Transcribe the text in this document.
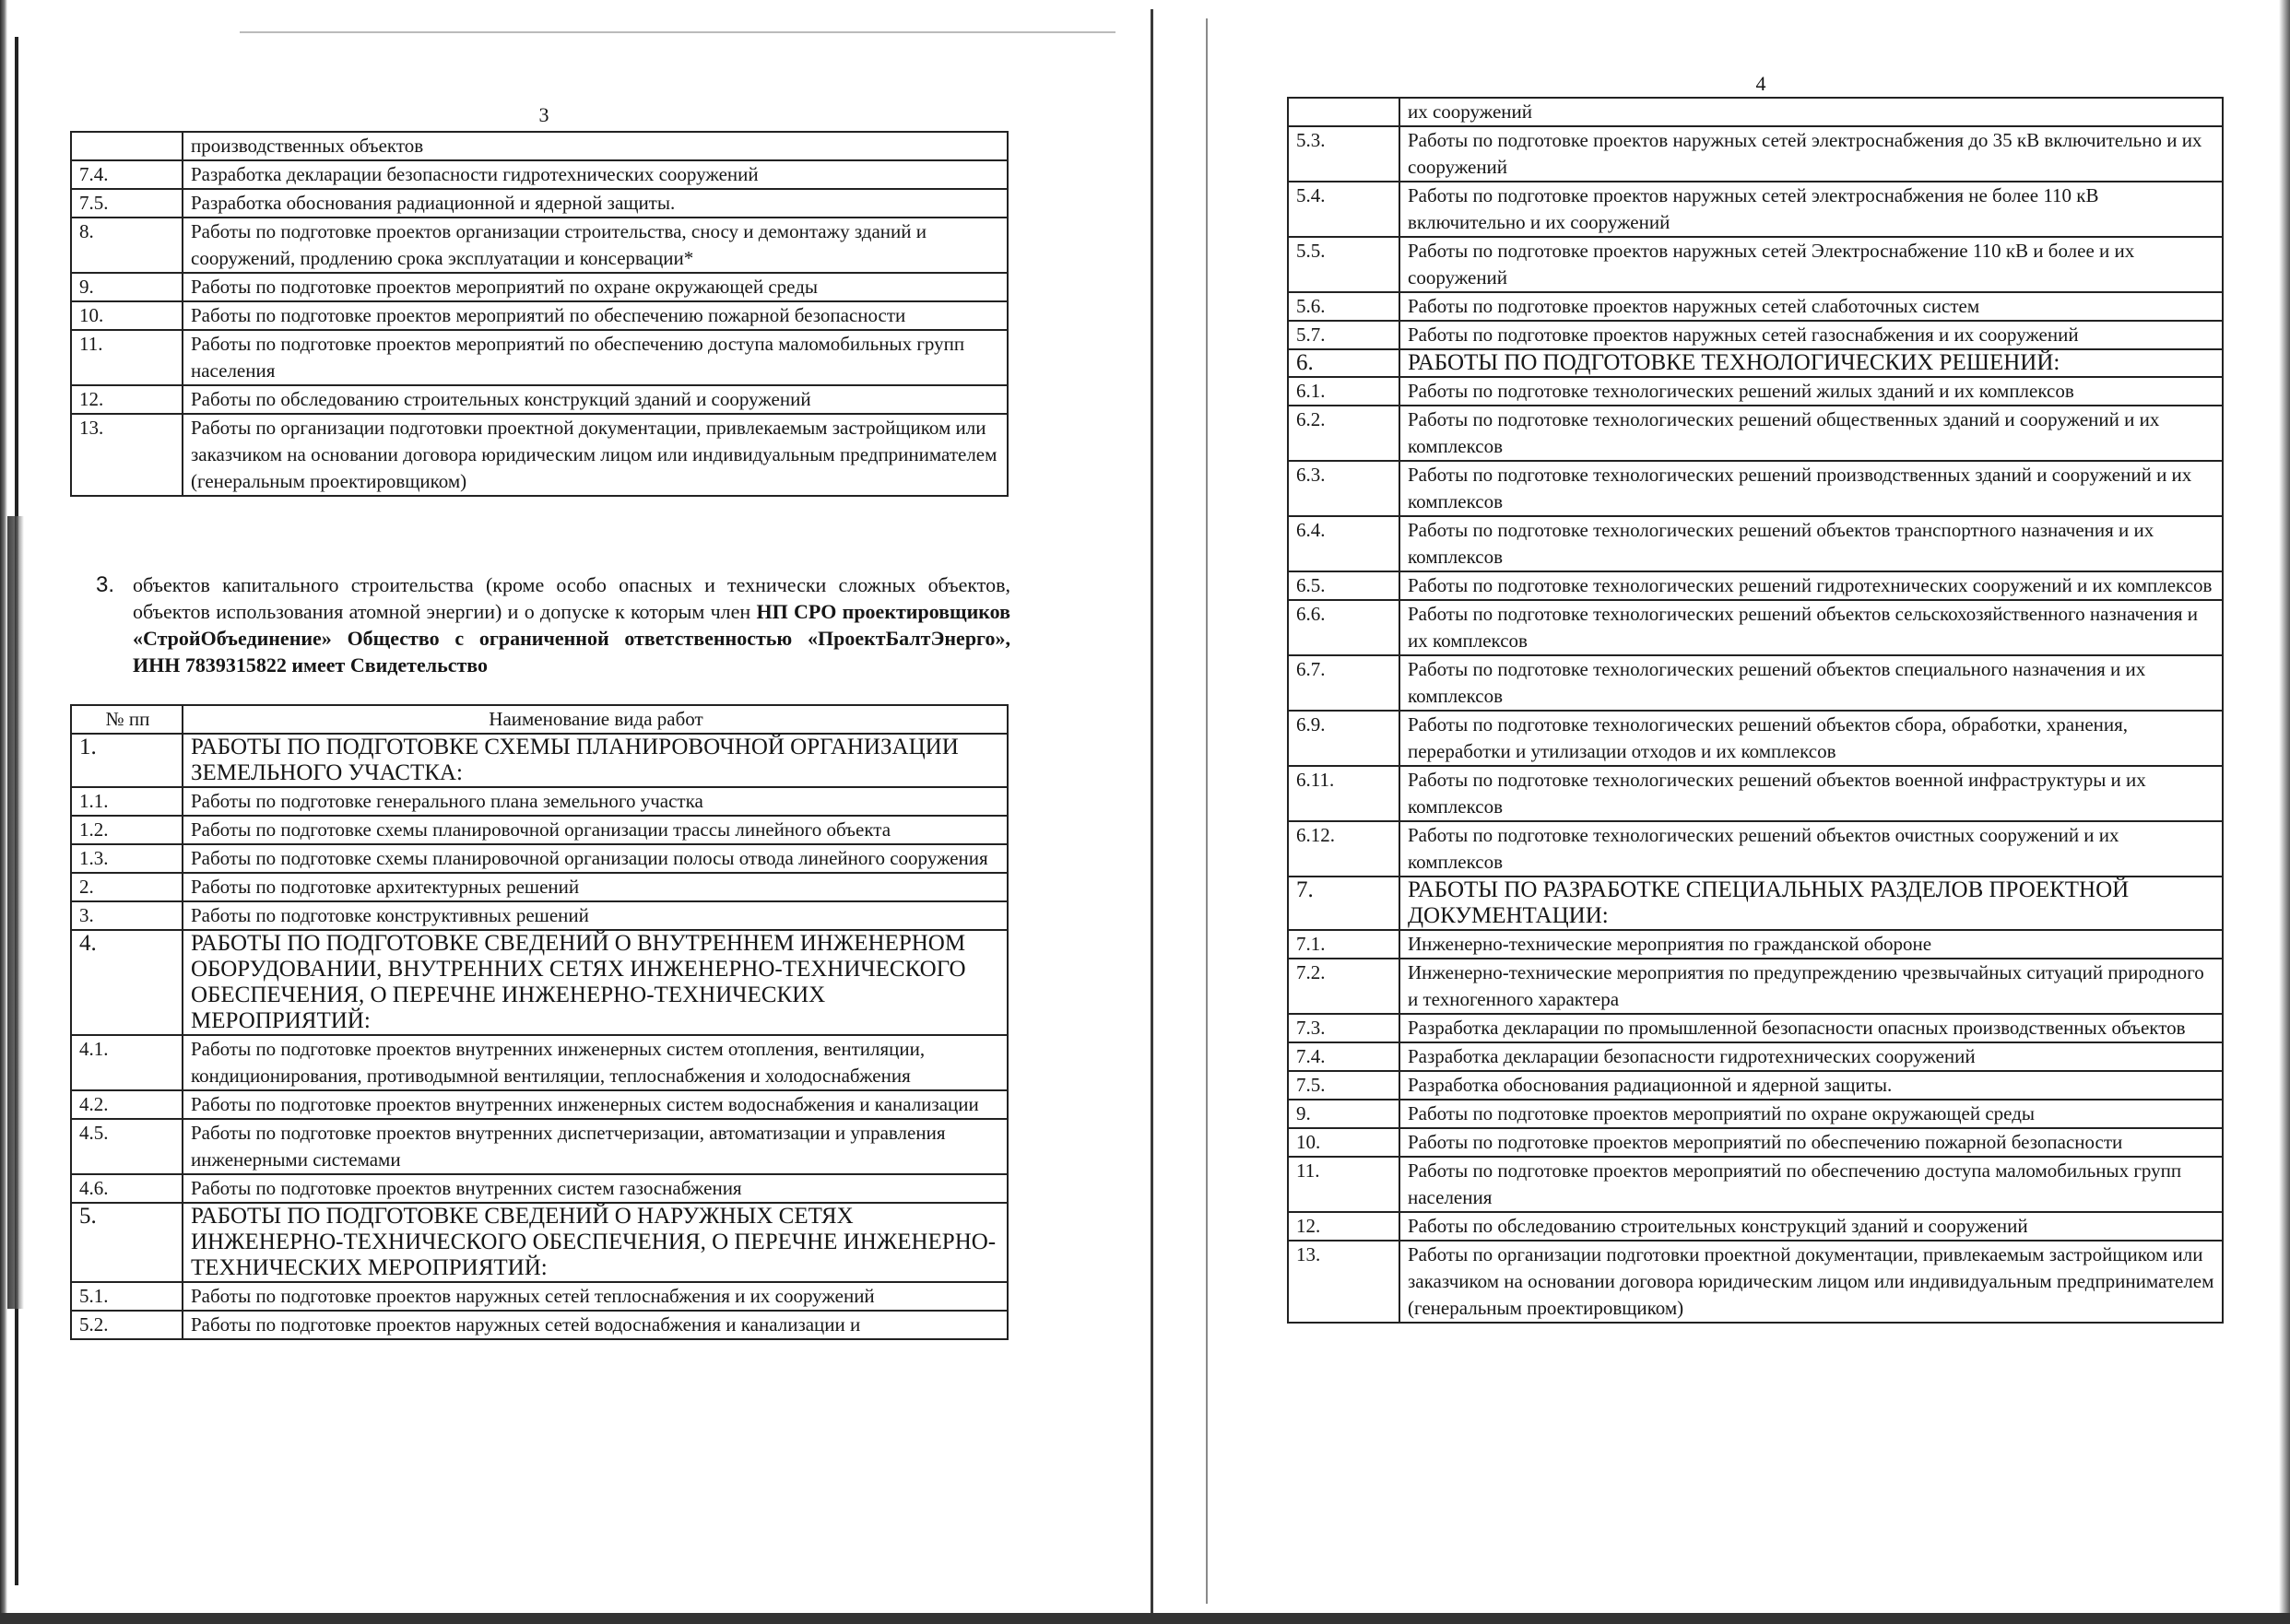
3
	производственных объектов
7.4.	Разработка декларации безопасности гидротехнических сооружений
7.5.	Разработка обоснования радиационной и ядерной защиты.
8.	Работы по подготовке проектов организации строительства, сносу и демонтажу зданий и сооружений, продлению срока эксплуатации и консервации*
9.	Работы по подготовке проектов мероприятий по охране окружающей среды
10.	Работы по подготовке проектов мероприятий по обеспечению пожарной безопасности
11.	Работы по подготовке проектов мероприятий по обеспечению доступа маломобильных групп населения
12.	Работы по обследованию строительных конструкций зданий и сооружений
13.	Работы по организации подготовки проектной документации, привлекаемым застройщиком или заказчиком на основании договора юридическим лицом или индивидуальным предпринимателем (генеральным проектировщиком)
3. объектов капитального строительства (кроме особо опасных и технически сложных объектов, объектов использования атомной энергии) и о допуске к которым член НП СРО проектировщиков «СтройОбъединение» Общество с ограниченной ответственностью «ПроектБалтЭнерго», ИНН 7839315822 имеет Свидетельство
№ пп	Наименование вида работ
1.	РАБОТЫ ПО ПОДГОТОВКЕ СХЕМЫ ПЛАНИРОВОЧНОЙ ОРГАНИЗАЦИИ ЗЕМЕЛЬНОГО УЧАСТКА:
1.1.	Работы по подготовке генерального плана земельного участка
1.2.	Работы по подготовке схемы планировочной организации трассы линейного объекта
1.3.	Работы по подготовке схемы планировочной организации полосы отвода линейного сооружения
2.	Работы по подготовке архитектурных решений
3.	Работы по подготовке конструктивных решений
4.	РАБОТЫ ПО ПОДГОТОВКЕ СВЕДЕНИЙ О ВНУТРЕННЕМ ИНЖЕНЕРНОМ ОБОРУДОВАНИИ, ВНУТРЕННИХ СЕТЯХ ИНЖЕНЕРНО-ТЕХНИЧЕСКОГО ОБЕСПЕЧЕНИЯ, О ПЕРЕЧНЕ ИНЖЕНЕРНО-ТЕХНИЧЕСКИХ МЕРОПРИЯТИЙ:
4.1.	Работы по подготовке проектов внутренних инженерных систем отопления, вентиляции, кондиционирования, противодымной вентиляции, теплоснабжения и холодоснабжения
4.2.	Работы по подготовке проектов внутренних инженерных систем водоснабжения и канализации
4.5.	Работы по подготовке проектов внутренних диспетчеризации, автоматизации и управления инженерными системами
4.6.	Работы по подготовке проектов внутренних систем газоснабжения
5.	РАБОТЫ ПО ПОДГОТОВКЕ СВЕДЕНИЙ О НАРУЖНЫХ СЕТЯХ ИНЖЕНЕРНО-ТЕХНИЧЕСКОГО ОБЕСПЕЧЕНИЯ, О ПЕРЕЧНЕ ИНЖЕНЕРНО-ТЕХНИЧЕСКИХ МЕРОПРИЯТИЙ:
5.1.	Работы по подготовке проектов наружных сетей теплоснабжения и их сооружений
5.2.	Работы по подготовке проектов наружных сетей водоснабжения и канализации и
4
	их сооружений
5.3.	Работы по подготовке проектов наружных сетей электроснабжения до 35 кВ включительно и их сооружений
5.4.	Работы по подготовке проектов наружных сетей электроснабжения не более 110 кВ включительно и их сооружений
5.5.	Работы по подготовке проектов наружных сетей Электроснабжение 110 кВ и более и их сооружений
5.6.	Работы по подготовке проектов наружных сетей слаботочных систем
5.7.	Работы по подготовке проектов наружных сетей газоснабжения и их сооружений
6.	РАБОТЫ ПО ПОДГОТОВКЕ ТЕХНОЛОГИЧЕСКИХ РЕШЕНИЙ:
6.1.	Работы по подготовке технологических решений жилых зданий и их комплексов
6.2.	Работы по подготовке технологических решений общественных зданий и сооружений и их комплексов
6.3.	Работы по подготовке технологических решений производственных зданий и сооружений и их комплексов
6.4.	Работы по подготовке технологических решений объектов транспортного назначения и их комплексов
6.5.	Работы по подготовке технологических решений гидротехнических сооружений и их комплексов
6.6.	Работы по подготовке технологических решений объектов сельскохозяйственного назначения и их комплексов
6.7.	Работы по подготовке технологических решений объектов специального назначения и их комплексов
6.9.	Работы по подготовке технологических решений объектов сбора, обработки, хранения, переработки и утилизации отходов и их комплексов
6.11.	Работы по подготовке технологических решений объектов военной инфраструктуры и их комплексов
6.12.	Работы по подготовке технологических решений объектов очистных сооружений и их комплексов
7.	РАБОТЫ ПО РАЗРАБОТКЕ СПЕЦИАЛЬНЫХ РАЗДЕЛОВ ПРОЕКТНОЙ ДОКУМЕНТАЦИИ:
7.1.	Инженерно-технические мероприятия по гражданской обороне
7.2.	Инженерно-технические мероприятия по предупреждению чрезвычайных ситуаций природного и техногенного характера
7.3.	Разработка декларации по промышленной безопасности опасных производственных объектов
7.4.	Разработка декларации безопасности гидротехнических сооружений
7.5.	Разработка обоснования радиационной и ядерной защиты.
9.	Работы по подготовке проектов мероприятий по охране окружающей среды
10.	Работы по подготовке проектов мероприятий по обеспечению пожарной безопасности
11.	Работы по подготовке проектов мероприятий по обеспечению доступа маломобильных групп населения
12.	Работы по обследованию строительных конструкций зданий и сооружений
13.	Работы по организации подготовки проектной документации, привлекаемым застройщиком или заказчиком на основании договора юридическим лицом или индивидуальным предпринимателем (генеральным проектировщиком)
